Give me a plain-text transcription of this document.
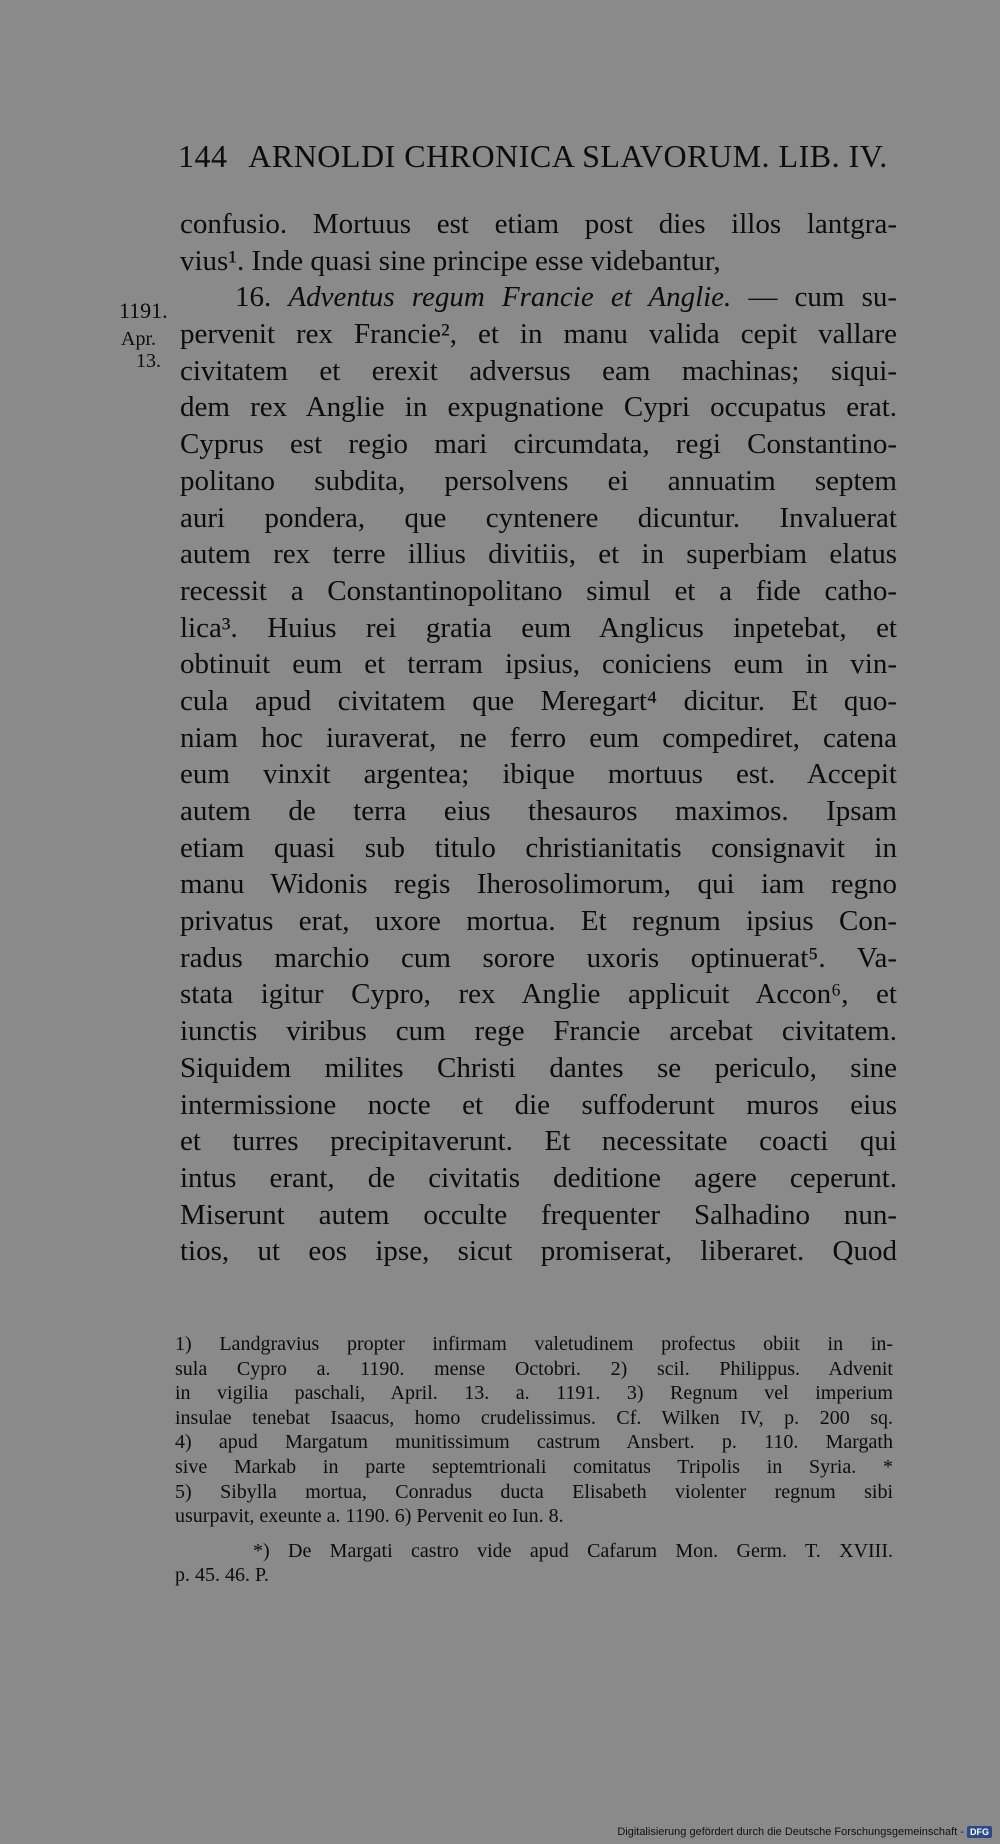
144 ARNOLDI CHRONICA SLAVORUM. LIB. IV.
1191.
Apr.
13.
confusio. Mortuus est etiam post dies illos lantgra-
vius¹. Inde quasi sine principe esse videbantur,
16. Adventus regum Francie et Anglie. — cum su-
pervenit rex Francie², et in manu valida cepit vallare
civitatem et erexit adversus eam machinas; siqui-
dem rex Anglie in expugnatione Cypri occupatus erat.
Cyprus est regio mari circumdata, regi Constantino-
politano subdita, persolvens ei annuatim septem
auri pondera, que cyntenere dicuntur. Invaluerat
autem rex terre illius divitiis, et in superbiam elatus
recessit a Constantinopolitano simul et a fide catho-
lica³. Huius rei gratia eum Anglicus inpetebat, et
obtinuit eum et terram ipsius, coniciens eum in vin-
cula apud civitatem que Meregart⁴ dicitur. Et quo-
niam hoc iuraverat, ne ferro eum compediret, catena
eum vinxit argentea; ibique mortuus est. Accepit
autem de terra eius thesauros maximos. Ipsam
etiam quasi sub titulo christianitatis consignavit in
manu Widonis regis Iherosolimorum, qui iam regno
privatus erat, uxore mortua. Et regnum ipsius Con-
radus marchio cum sorore uxoris optinuerat⁵. Va-
stata igitur Cypro, rex Anglie applicuit Accon⁶, et
iunctis viribus cum rege Francie arcebat civitatem.
Siquidem milites Christi dantes se periculo, sine
intermissione nocte et die suffoderunt muros eius
et turres precipitaverunt. Et necessitate coacti qui
intus erant, de civitatis deditione agere ceperunt.
Miserunt autem occulte frequenter Salhadino nun-
tios, ut eos ipse, sicut promiserat, liberaret. Quod
1) Landgravius propter infirmam valetudinem profectus obiit in in-
sula Cypro a. 1190. mense Octobri. 2) scil. Philippus. Advenit
in vigilia paschali, April. 13. a. 1191. 3) Regnum vel imperium
insulae tenebat Isaacus, homo crudelissimus. Cf. Wilken IV, p. 200 sq.
4) apud Margatum munitissimum castrum Ansbert. p. 110. Margath
sive Markab in parte septemtrionali comitatus Tripolis in Syria. *
5) Sibylla mortua, Conradus ducta Elisabeth violenter regnum sibi
usurpavit, exeunte a. 1190. 6) Pervenit eo Iun. 8.
*) De Margati castro vide apud Cafarum Mon. Germ. T. XVIII.
p. 45. 46. P.
Digitalisierung gefördert durch die Deutsche Forschungsgemeinschaft - DFG
